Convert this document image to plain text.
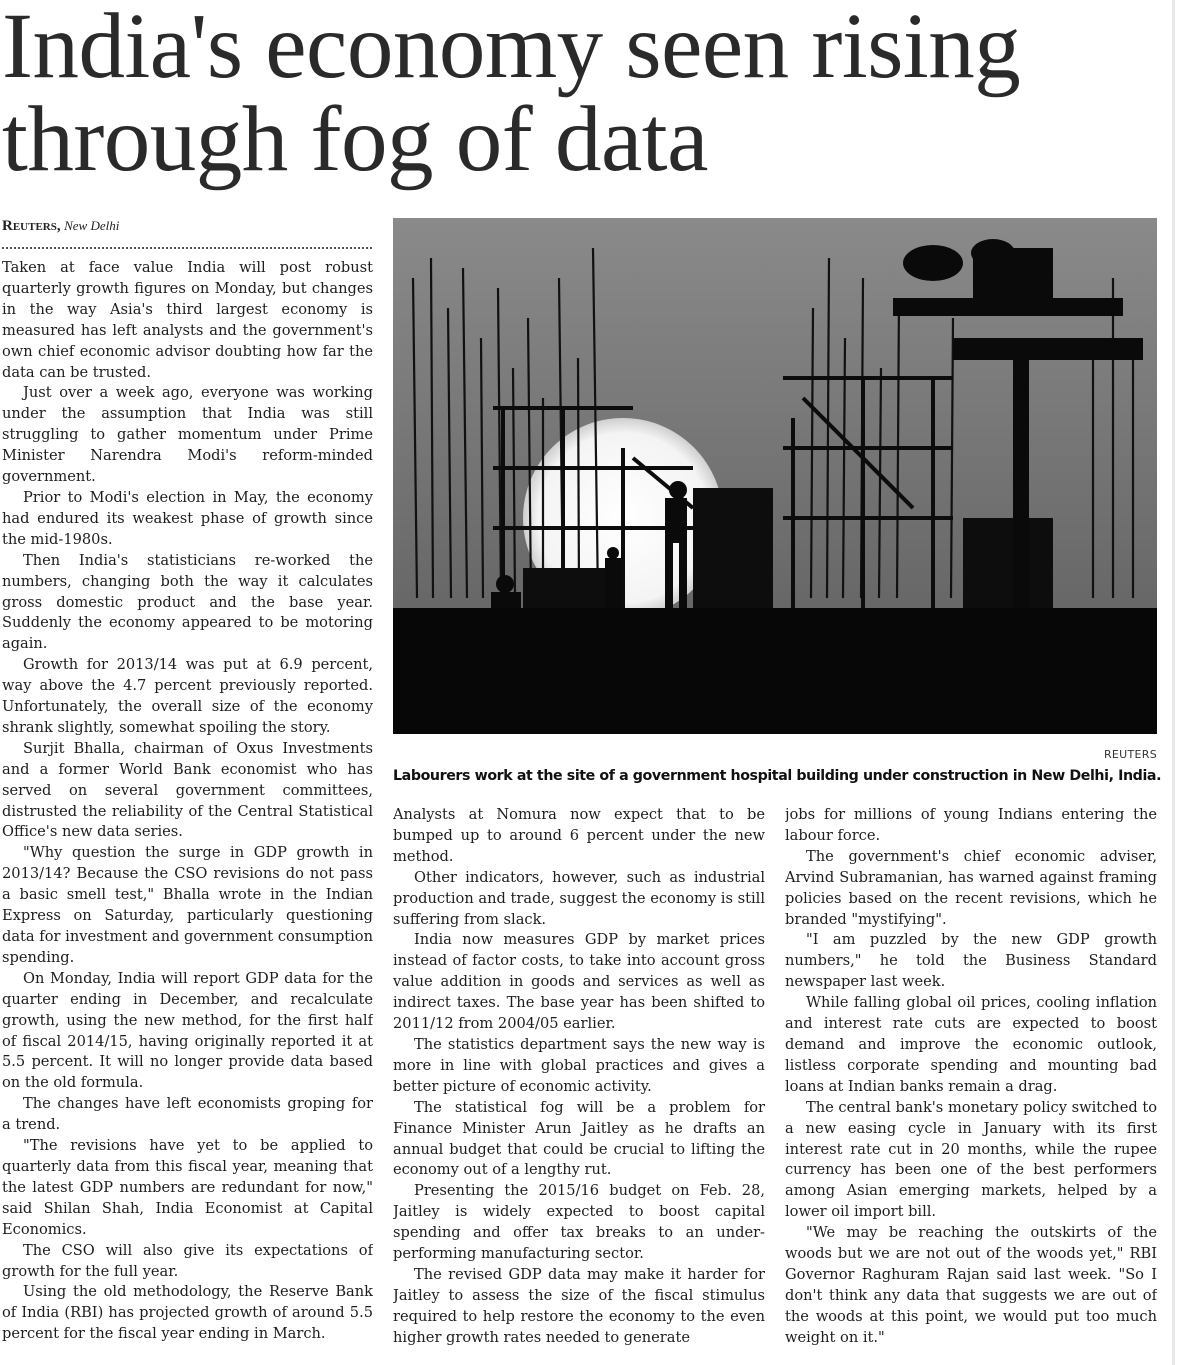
India's economy seen rising
through fog of data
Reuters, New Delhi

Taken at face value India will post robust quarterly growth figures on Monday, but changes in the way Asia's third largest economy is measured has left analysts and the government's own chief economic advisor doubting how far the data can be trusted.

Just over a week ago, everyone was working under the assumption that India was still struggling to gather momentum under Prime Minister Narendra Modi's reform-minded government.

Prior to Modi's election in May, the economy had endured its weakest phase of growth since the mid-1980s.

Then India's statisticians re-worked the numbers, changing both the way it calculates gross domestic product and the base year. Suddenly the economy appeared to be motoring again.

Growth for 2013/14 was put at 6.9 percent, way above the 4.7 percent previously reported. Unfortunately, the overall size of the economy shrank slightly, somewhat spoiling the story.

Surjit Bhalla, chairman of Oxus Investments and a former World Bank economist who has served on several government committees, distrusted the reliability of the Central Statistical Office's new data series.

"Why question the surge in GDP growth in 2013/14? Because the CSO revisions do not pass a basic smell test," Bhalla wrote in the Indian Express on Saturday, particularly questioning data for investment and government consumption spending.

On Monday, India will report GDP data for the quarter ending in December, and recalculate growth, using the new method, for the first half of fiscal 2014/15, having originally reported it at 5.5 percent. It will no longer provide data based on the old formula.

The changes have left economists groping for a trend.

"The revisions have yet to be applied to quarterly data from this fiscal year, meaning that the latest GDP numbers are redundant for now," said Shilan Shah, India Economist at Capital Economics.

The CSO will also give its expectations of growth for the full year.

Using the old methodology, the Reserve Bank of India (RBI) has projected growth of around 5.5 percent for the fiscal year ending in March.

REUTERS
Labourers work at the site of a government hospital building under construction in New Delhi, India.

Analysts at Nomura now expect that to be bumped up to around 6 percent under the new method.

Other indicators, however, such as industrial production and trade, suggest the economy is still suffering from slack.

India now measures GDP by market prices instead of factor costs, to take into account gross value addition in goods and services as well as indirect taxes. The base year has been shifted to 2011/12 from 2004/05 earlier.

The statistics department says the new way is more in line with global practices and gives a better picture of economic activity.

The statistical fog will be a problem for Finance Minister Arun Jaitley as he drafts an annual budget that could be crucial to lifting the economy out of a lengthy rut.

Presenting the 2015/16 budget on Feb. 28, Jaitley is widely expected to boost capital spending and offer tax breaks to an under-performing manufacturing sector.

The revised GDP data may make it harder for Jaitley to assess the size of the fiscal stimulus required to help restore the economy to the even higher growth rates needed to generate

jobs for millions of young Indians entering the labour force.

The government's chief economic adviser, Arvind Subramanian, has warned against framing policies based on the recent revisions, which he branded "mystifying".

"I am puzzled by the new GDP growth numbers," he told the Business Standard newspaper last week.

While falling global oil prices, cooling inflation and interest rate cuts are expected to boost demand and improve the economic outlook, listless corporate spending and mounting bad loans at Indian banks remain a drag.

The central bank's monetary policy switched to a new easing cycle in January with its first interest rate cut in 20 months, while the rupee currency has been one of the best performers among Asian emerging markets, helped by a lower oil import bill.

"We may be reaching the outskirts of the woods but we are not out of the woods yet," RBI Governor Raghuram Rajan said last week. "So I don't think any data that suggests we are out of the woods at this point, we would put too much weight on it."
